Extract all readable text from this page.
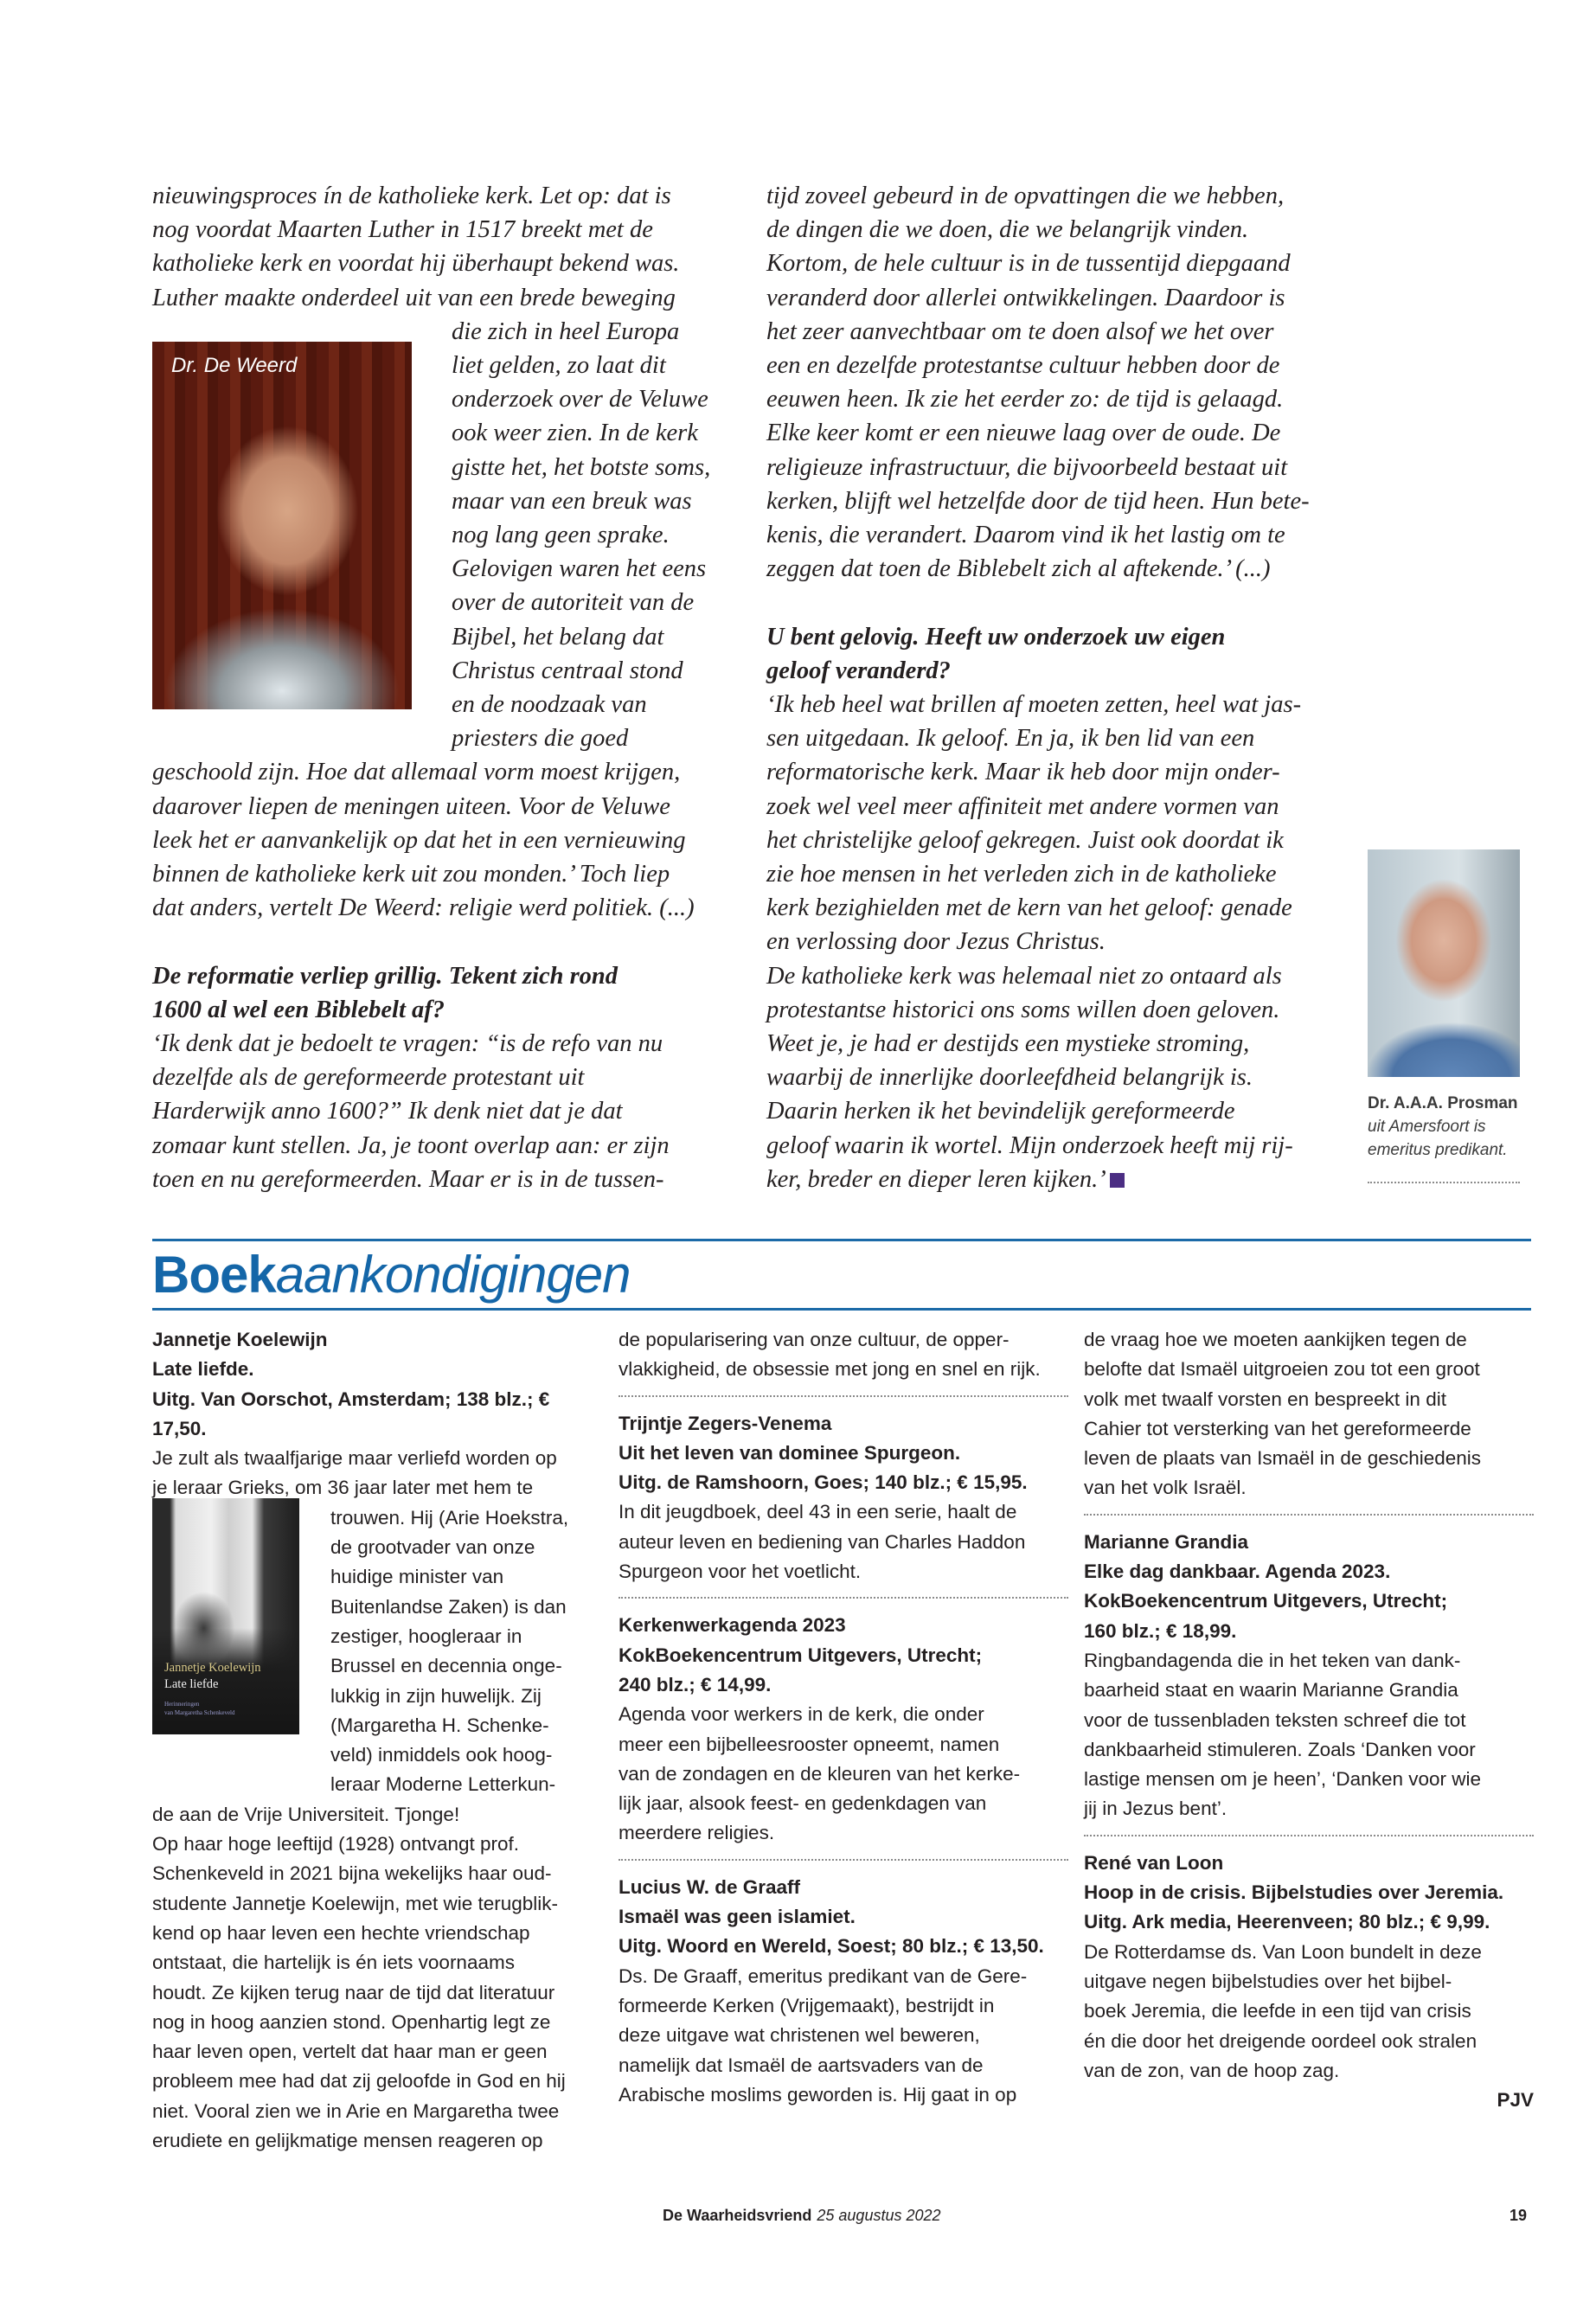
nieuwingsproces ín de katholieke kerk. Let op: dat is

nog voordat Maarten Luther in 1517 breekt met de

katholieke kerk en voordat hij überhaupt bekend was.

Luther maakte onderdeel uit van een brede beweging

die zich in heel Europa

liet gelden, zo laat dit

onderzoek over de Veluwe

ook weer zien. In de kerk

gistte het, het botste soms,

maar van een breuk was

nog lang geen sprake.

Gelovigen waren het eens

over de autoriteit van de

Bijbel, het belang dat

Christus centraal stond

en de noodzaak van

priesters die goed

geschoold zijn. Hoe dat allemaal vorm moest krijgen,

daarover liepen de meningen uiteen. Voor de Veluwe

leek het er aanvankelijk op dat het in een vernieuwing

binnen de katholieke kerk uit zou monden.’ Toch liep

dat anders, vertelt De Weerd: religie werd politiek. (...)

De reformatie verliep grillig. Tekent zich rond

1600 al wel een Biblebelt af?

‘Ik denk dat je bedoelt te vragen: “is de refo van nu

dezelfde als de gereformeerde protestant uit

Harderwijk anno 1600?” Ik denk niet dat je dat

zomaar kunt stellen. Ja, je toont overlap aan: er zijn

toen en nu gereformeerden. Maar er is in de tussen-

Dr. De Weerd

tijd zoveel gebeurd in de opvattingen die we hebben,

de dingen die we doen, die we belangrijk vinden.

Kortom, de hele cultuur is in de tussentijd diepgaand

veranderd door allerlei ontwikkelingen. Daardoor is

het zeer aanvechtbaar om te doen alsof we het over

een en dezelfde protestantse cultuur hebben door de

eeuwen heen. Ik zie het eerder zo: de tijd is gelaagd.

Elke keer komt er een nieuwe laag over de oude. De

religieuze infrastructuur, die bijvoorbeeld bestaat uit

kerken, blijft wel hetzelfde door de tijd heen. Hun bete-

kenis, die verandert. Daarom vind ik het lastig om te

zeggen dat toen de Biblebelt zich al aftekende.’ (...)

U bent gelovig. Heeft uw onderzoek uw eigen

geloof veranderd?

‘Ik heb heel wat brillen af moeten zetten, heel wat jas-

sen uitgedaan. Ik geloof. En ja, ik ben lid van een

reformatorische kerk. Maar ik heb door mijn onder-

zoek wel veel meer affiniteit met andere vormen van

het christelijke geloof gekregen. Juist ook doordat ik

zie hoe mensen in het verleden zich in de katholieke

kerk bezighielden met de kern van het geloof: genade

en verlossing door Jezus Christus.

De katholieke kerk was helemaal niet zo ontaard als

protestantse historici ons soms willen doen geloven.

Weet je, je had er destijds een mystieke stroming,

waarbij de innerlijke doorleefdheid belangrijk is.

Daarin herken ik het bevindelijk gereformeerde

geloof waarin ik wortel. Mijn onderzoek heeft mij rij-

ker, breder en dieper leren kijken.’

Dr. A.A.A. Prosman
uit Amersfoort is
emeritus predikant.
Boekaankondigingen

Jannetje Koelewijn

Late liefde.

Uitg. Van Oorschot, Amsterdam; 138 blz.; € 17,50.

Je zult als twaalfjarige maar verliefd worden op

je leraar Grieks, om 36 jaar later met hem te

trouwen. Hij (Arie Hoekstra,

de grootvader van onze

huidige minister van

Buitenlandse Zaken) is dan

zestiger, hoogleraar in

Brussel en decennia onge-

lukkig in zijn huwelijk. Zij

(Margaretha H. Schenke-

veld) inmiddels ook hoog-

leraar Moderne Letterkun-

de aan de Vrije Universiteit. Tjonge!

Op haar hoge leeftijd (1928) ontvangt prof.

Schenkeveld in 2021 bijna wekelijks haar oud-

studente Jannetje Koelewijn, met wie terugblik-

kend op haar leven een hechte vriendschap

ontstaat, die hartelijk is én iets voornaams

houdt. Ze kijken terug naar de tijd dat literatuur

nog in hoog aanzien stond. Openhartig legt ze

haar leven open, vertelt dat haar man er geen

probleem mee had dat zij geloofde in God en hij

niet. Vooral zien we in Arie en Margaretha twee

erudiete en gelijkmatige mensen reageren op

Jannetje Koelewijn
Late liefde
Herinneringen
van Margaretha Schenkeveld

de popularisering van onze cultuur, de opper-

vlakkigheid, de obsessie met jong en snel en rijk.

Trijntje Zegers-Venema

Uit het leven van dominee Spurgeon.

Uitg. de Ramshoorn, Goes; 140 blz.; € 15,95.

In dit jeugdboek, deel 43 in een serie, haalt de

auteur leven en bediening van Charles Haddon

Spurgeon voor het voetlicht.

Kerkenwerkagenda 2023

KokBoekencentrum Uitgevers, Utrecht;

240 blz.; € 14,99.

Agenda voor werkers in de kerk, die onder

meer een bijbelleesrooster opneemt, namen

van de zondagen en de kleuren van het kerke-

lijk jaar, alsook feest- en gedenkdagen van

meerdere religies.

Lucius W. de Graaff

Ismaël was geen islamiet.

Uitg. Woord en Wereld, Soest; 80 blz.; € 13,50.

Ds. De Graaff, emeritus predikant van de Gere-

formeerde Kerken (Vrijgemaakt), bestrijdt in

deze uitgave wat christenen wel beweren,

namelijk dat Ismaël de aartsvaders van de

Arabische moslims geworden is. Hij gaat in op

de vraag hoe we moeten aankijken tegen de

belofte dat Ismaël uitgroeien zou tot een groot

volk met twaalf vorsten en bespreekt in dit

Cahier tot versterking van het gereformeerde

leven de plaats van Ismaël in de geschiedenis

van het volk Israël.

Marianne Grandia

Elke dag dankbaar. Agenda 2023.

KokBoekencentrum Uitgevers, Utrecht;

160 blz.; € 18,99.

Ringbandagenda die in het teken van dank-

baarheid staat en waarin Marianne Grandia

voor de tussenbladen teksten schreef die tot

dankbaarheid stimuleren. Zoals ‘Danken voor

lastige mensen om je heen’, ‘Danken voor wie

jij in Jezus bent’.

René van Loon

Hoop in de crisis. Bijbelstudies over Jeremia.

Uitg. Ark media, Heerenveen; 80 blz.; € 9,99.

De Rotterdamse ds. Van Loon bundelt in deze

uitgave negen bijbelstudies over het bijbel-

boek Jeremia, die leefde in een tijd van crisis

én die door het dreigende oordeel ook stralen

van de zon, van de hoop zag.

PJV

De Waarheidsvriend 25 augustus 2022	19
